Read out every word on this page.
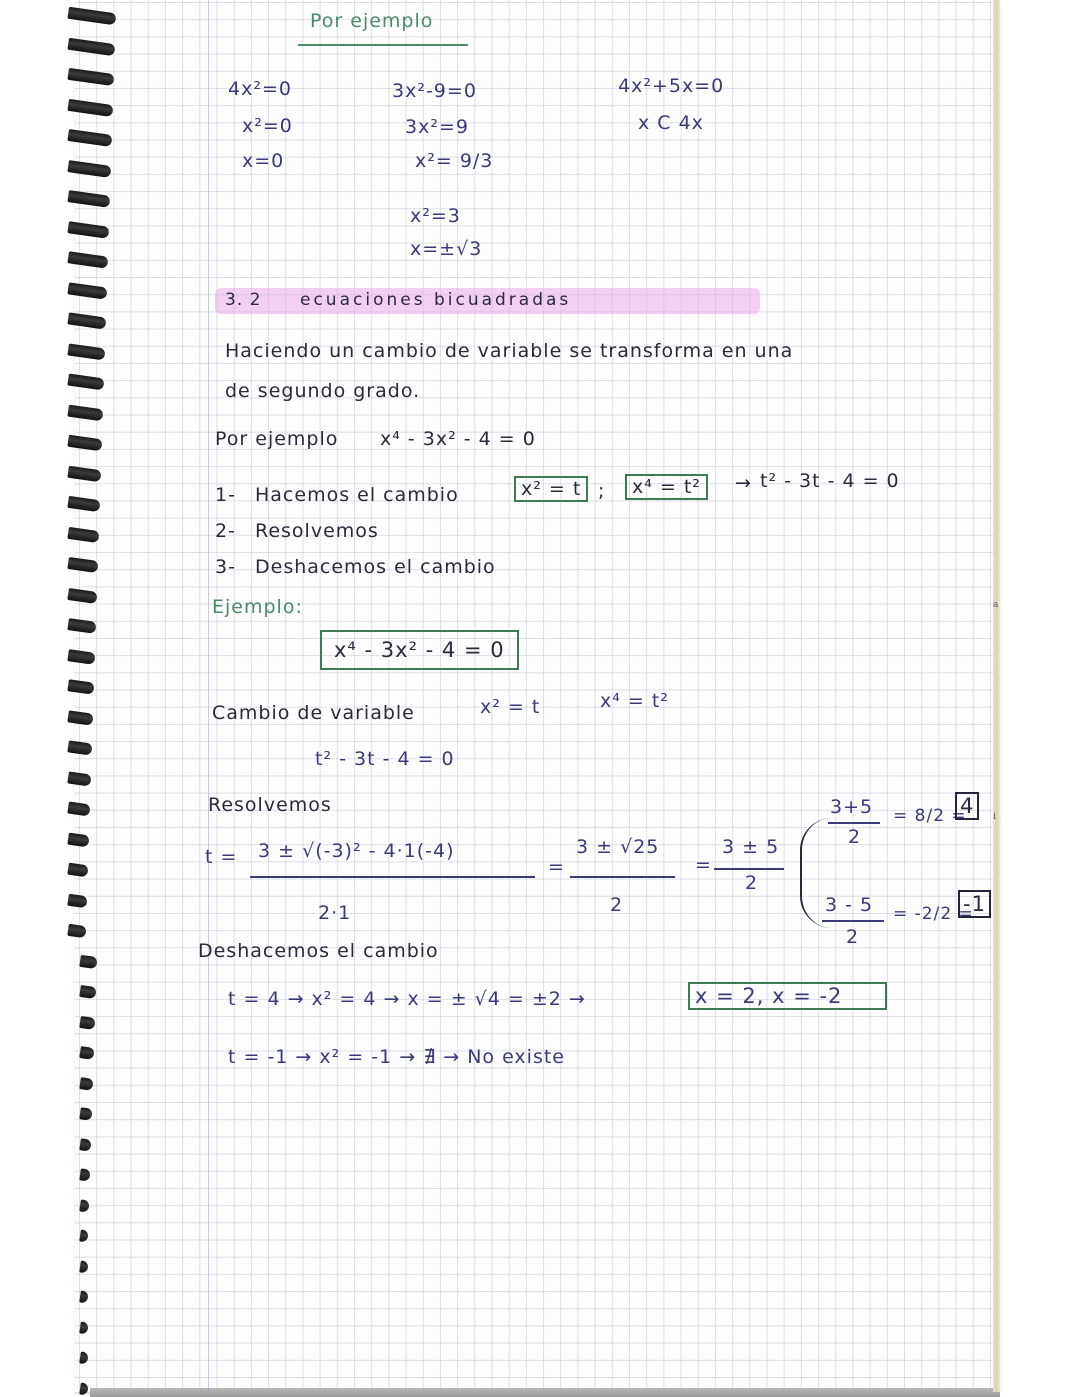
a
i
Por ejemplo
4x²=0
x²=0
x=0
3x²-9=0
3x²=9
x²= 9/3
x²=3
x=±√3
4x²+5x=0
x C 4x
3. 2 ecuaciones bicuadradas
Haciendo un cambio de variable se transforma en una
de segundo grado.
Por ejemplo x⁴ - 3x² - 4 = 0
1- Hacemos el cambio	x² = t ;	x⁴ = t²	→ t² - 3t - 4 = 0
2- Resolvemos
3- Deshacemos el cambio
Ejemplo:
x⁴ - 3x² - 4 = 0
Cambio de variable	x² = t	x⁴ = t²
t² - 3t - 4 = 0
Resolvemos
t = 3 ± √(-3)² - 4·1(-4)
2·1
=
3 ± √25
2
=
3 ± 5
2
3+5
2
= 8/2 =
4
3 - 5
2
= -2/2 =
-1
Deshacemos el cambio
t = 4 → x² = 4 → x = ± √4 = ±2 →	x = 2, x = -2
t = -1 → x² = -1 → ∄ → No existe
